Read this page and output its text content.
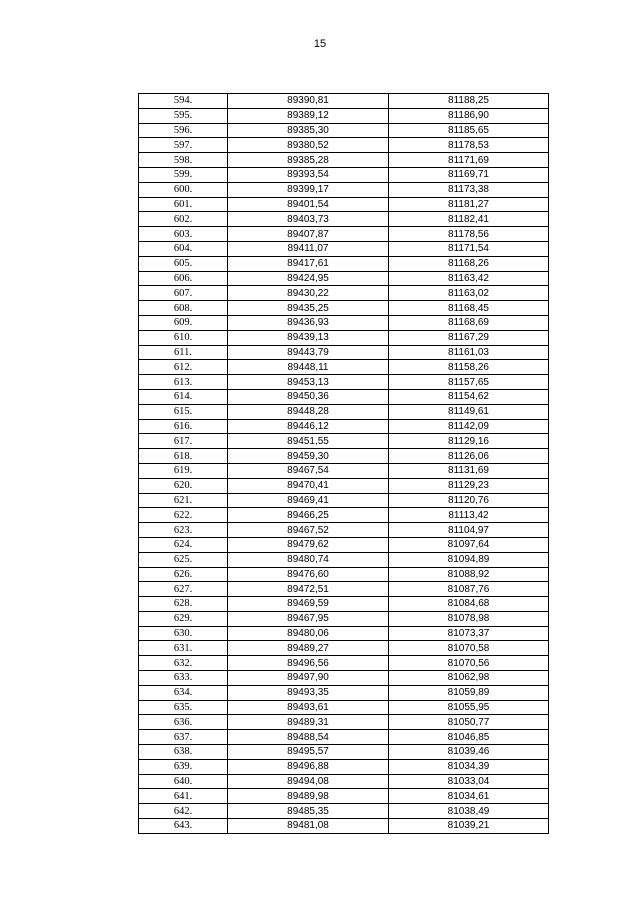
15
594.	89390,81	81188,25
595.	89389,12	81186,90
596.	89385,30	81185,65
597.	89380,52	81178,53
598.	89385,28	81171,69
599.	89393,54	81169,71
600.	89399,17	81173,38
601.	89401,54	81181,27
602.	89403,73	81182,41
603.	89407,87	81178,56
604.	89411,07	81171,54
605.	89417,61	81168,26
606.	89424,95	81163,42
607.	89430,22	81163,02
608.	89435,25	81168,45
609.	89436,93	81168,69
610.	89439,13	81167,29
611.	89443,79	81161,03
612.	89448,11	81158,26
613.	89453,13	81157,65
614.	89450,36	81154,62
615.	89448,28	81149,61
616.	89446,12	81142,09
617.	89451,55	81129,16
618.	89459,30	81126,06
619.	89467,54	81131,69
620.	89470,41	81129,23
621.	89469,41	81120,76
622.	89466,25	81113,42
623.	89467,52	81104,97
624.	89479,62	81097,64
625.	89480,74	81094,89
626.	89476,60	81088,92
627.	89472,51	81087,76
628.	89469,59	81084,68
629.	89467,95	81078,98
630.	89480,06	81073,37
631.	89489,27	81070,58
632.	89496,56	81070,56
633.	89497,90	81062,98
634.	89493,35	81059,89
635.	89493,61	81055,95
636.	89489,31	81050,77
637.	89488,54	81046,85
638.	89495,57	81039,46
639.	89496,88	81034,39
640.	89494,08	81033,04
641.	89489,98	81034,61
642.	89485,35	81038,49
643.	89481,08	81039,21
